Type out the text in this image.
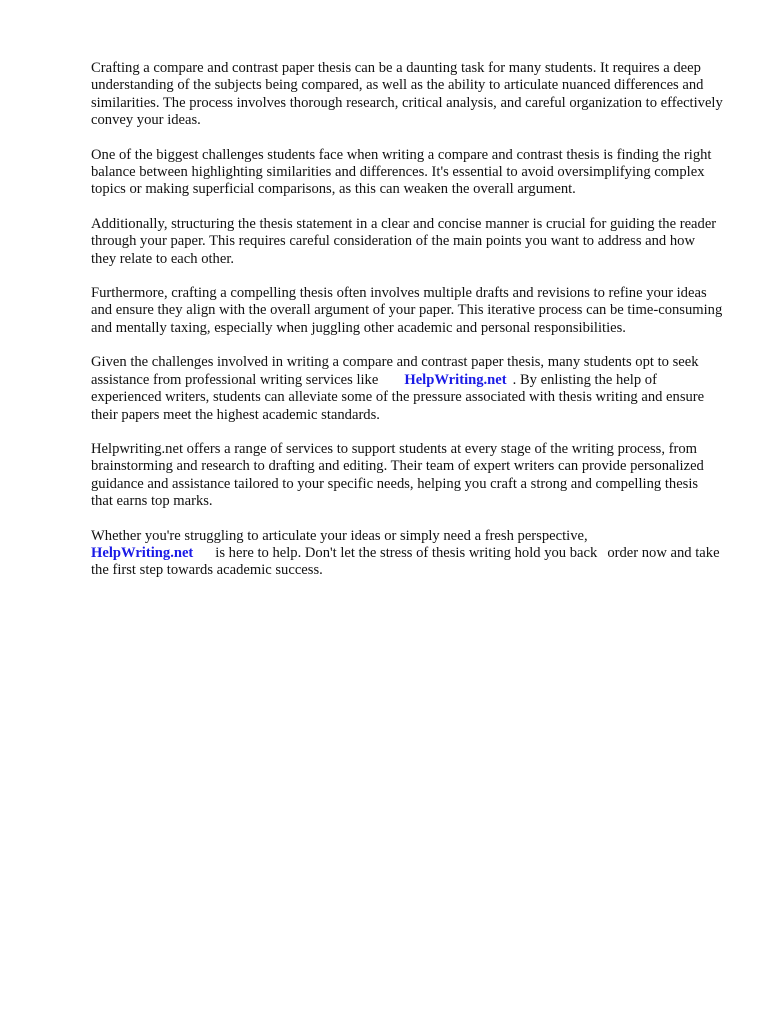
Crafting a compare and contrast paper thesis can be a daunting task for many students. It requires a deep understanding of the subjects being compared, as well as the ability to articulate nuanced differences and similarities. The process involves thorough research, critical analysis, and careful organization to effectively convey your ideas.

One of the biggest challenges students face when writing a compare and contrast thesis is finding the right balance between highlighting similarities and differences. It's essential to avoid oversimplifying complex topics or making superficial comparisons, as this can weaken the overall argument.

Additionally, structuring the thesis statement in a clear and concise manner is crucial for guiding the reader through your paper. This requires careful consideration of the main points you want to address and how they relate to each other.

Furthermore, crafting a compelling thesis often involves multiple drafts and revisions to refine your ideas and ensure they align with the overall argument of your paper. This iterative process can be time-consuming and mentally taxing, especially when juggling other academic and personal responsibilities.

Given the challenges involved in writing a compare and contrast paper thesis, many students opt to seek assistance from professional writing services like HelpWriting.net . By enlisting the help of experienced writers, students can alleviate some of the pressure associated with thesis writing and ensure their papers meet the highest academic standards.

Helpwriting.net offers a range of services to support students at every stage of the writing process, from brainstorming and research to drafting and editing. Their team of expert writers can provide personalized guidance and assistance tailored to your specific needs, helping you craft a strong and compelling thesis that earns top marks.

Whether you're struggling to articulate your ideas or simply need a fresh perspective,
HelpWriting.net is here to help. Don't let the stress of thesis writing hold you back order now and take the first step towards academic success.
